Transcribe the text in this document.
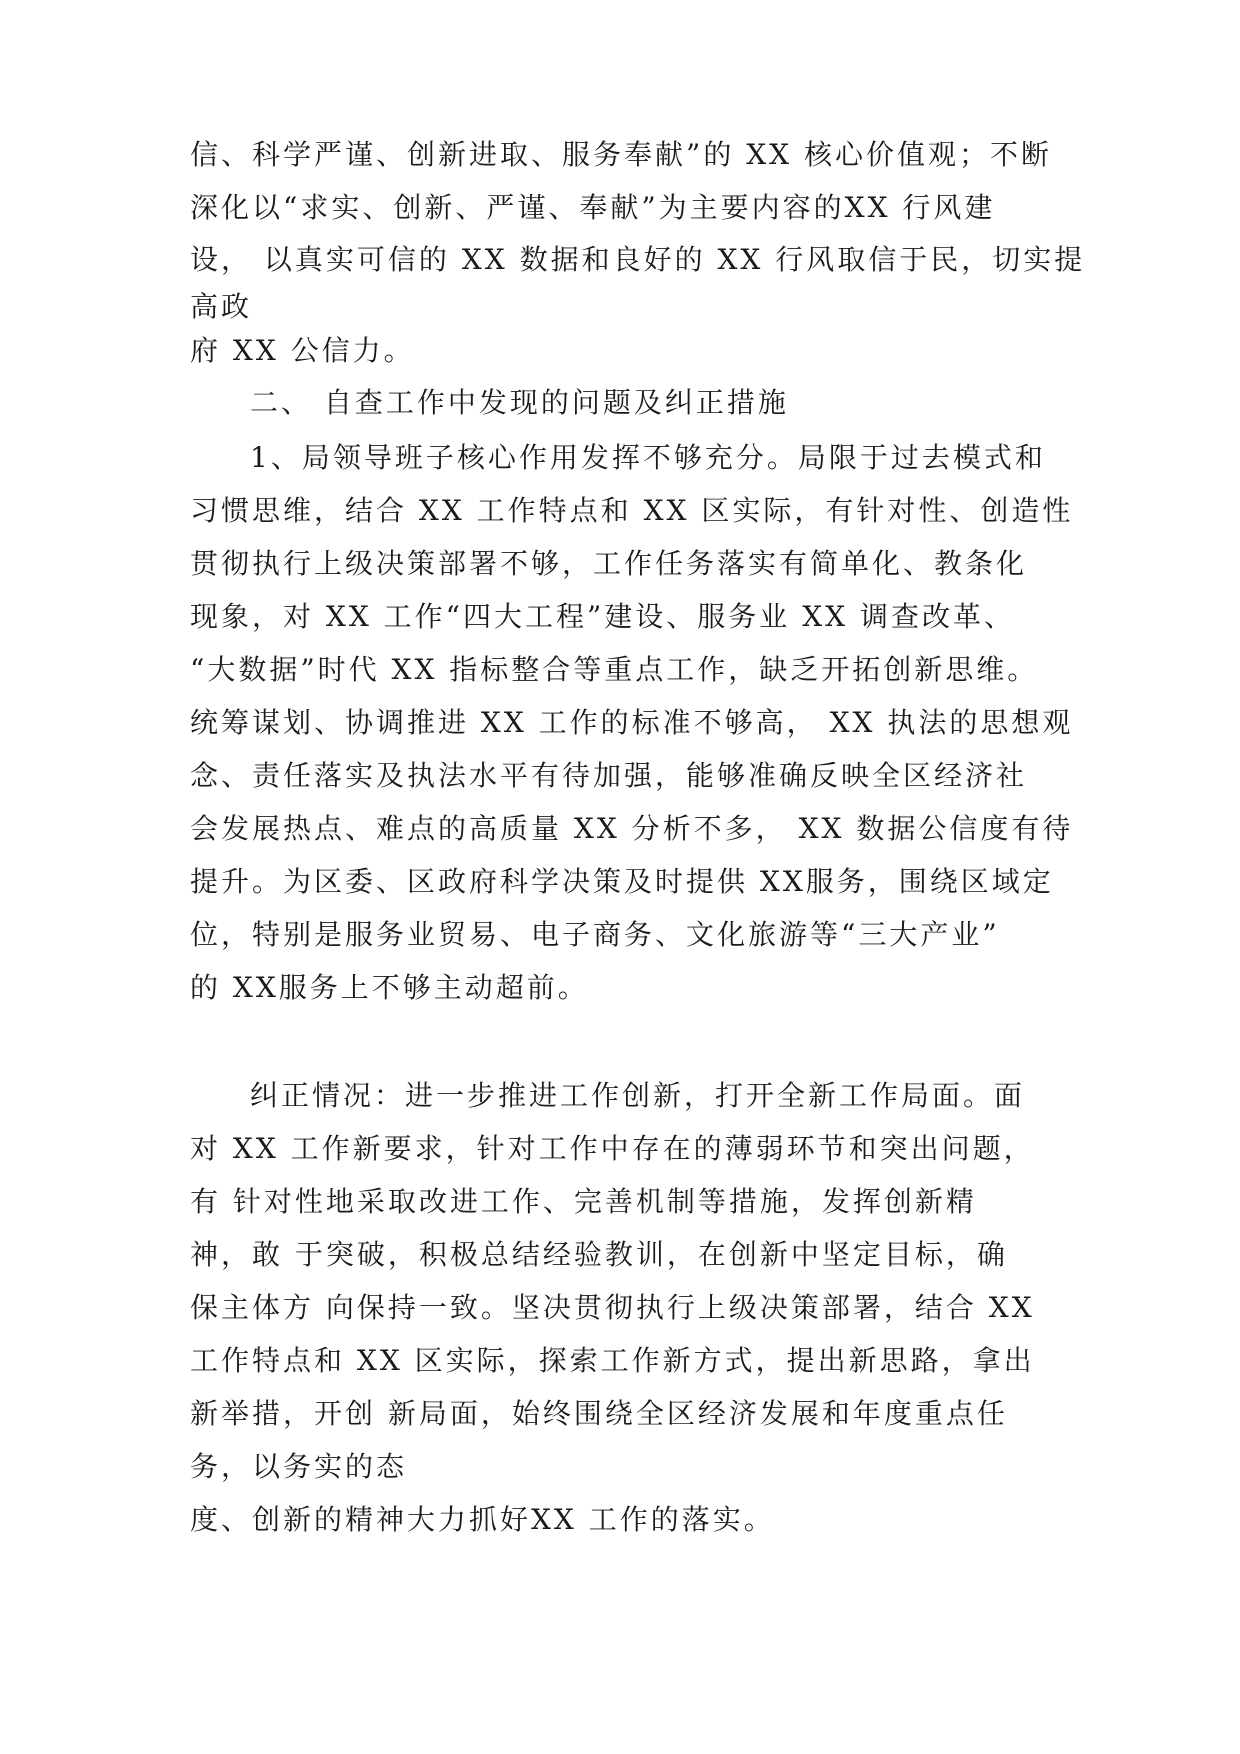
信、科学严谨、创新进取、服务奉献”的 XX 核心价值观；不断
深化以“求实、创新、严谨、奉献”为主要内容的XX 行风建
设， 以真实可信的 XX 数据和良好的 XX 行风取信于民，切实提
高政
府 XX 公信力。
二、 自查工作中发现的问题及纠正措施
1、局领导班子核心作用发挥不够充分。局限于过去模式和
习惯思维，结合 XX 工作特点和 XX 区实际，有针对性、创造性
贯彻执行上级决策部署不够，工作任务落实有简单化、教条化
现象，对 XX 工作“四大工程”建设、服务业 XX 调查改革、
“大数据”时代 XX 指标整合等重点工作，缺乏开拓创新思维。
统筹谋划、协调推进 XX 工作的标准不够高， XX 执法的思想观
念、责任落实及执法水平有待加强，能够准确反映全区经济社
会发展热点、难点的高质量 XX 分析不多， XX 数据公信度有待
提升。为区委、区政府科学决策及时提供 XX服务，围绕区域定
位，特别是服务业贸易、电子商务、文化旅游等“三大产业”
的 XX服务上不够主动超前。
纠正情况：进一步推进工作创新，打开全新工作局面。面
对 XX 工作新要求，针对工作中存在的薄弱环节和突出问题，
有 针对性地采取改进工作、完善机制等措施，发挥创新精
神，敢 于突破，积极总结经验教训，在创新中坚定目标，确
保主体方 向保持一致。坚决贯彻执行上级决策部署，结合 XX
工作特点和 XX 区实际，探索工作新方式，提出新思路，拿出
新举措，开创 新局面，始终围绕全区经济发展和年度重点任
务，以务实的态
度、创新的精神大力抓好XX 工作的落实。
